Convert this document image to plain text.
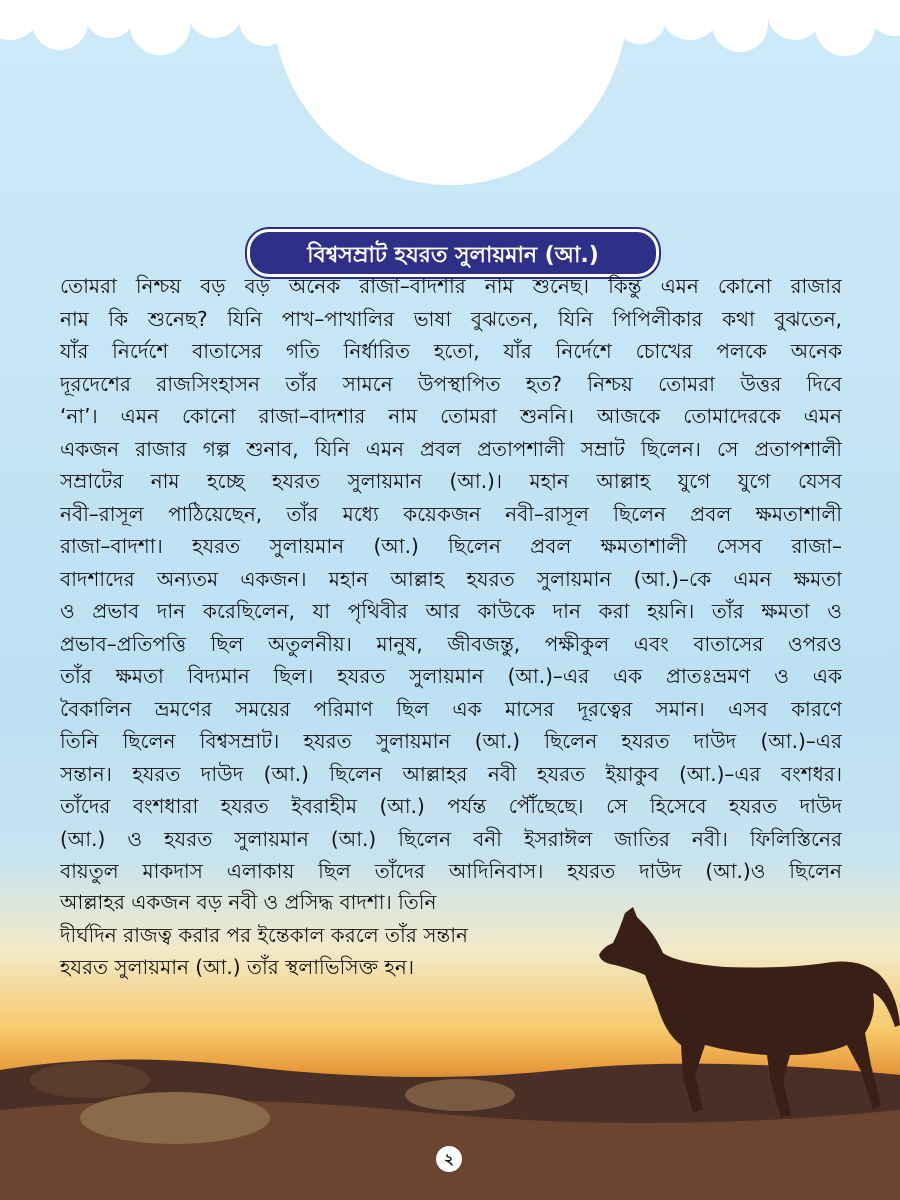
বিশ্বসম্রাট হযরত সুলায়মান (আ.)
তোমরা নিশ্চয় বড় বড় অনেক রাজা–বাদশার নাম শুনেছ। কিন্তু এমন কোনো রাজার
নাম কি শুনেছ? যিনি পাখ–পাখালির ভাষা বুঝতেন, যিনি পিপিলীকার কথা বুঝতেন,
যাঁর নির্দেশে বাতাসের গতি নির্ধারিত হতো, যাঁর নির্দেশে চোখের পলকে অনেক
দূরদেশের রাজসিংহাসন তাঁর সামনে উপস্থাপিত হত? নিশ্চয় তোমরা উত্তর দিবে
‘না’। এমন কোনো রাজা–বাদশার নাম তোমরা শুননি। আজকে তোমাদেরকে এমন
একজন রাজার গল্প শুনাব, যিনি এমন প্রবল প্রতাপশালী সম্রাট ছিলেন। সে প্রতাপশালী
সম্রাটের নাম হচ্ছে হযরত সুলায়মান (আ.)। মহান আল্লাহ যুগে যুগে যেসব
নবী–রাসূল পাঠিয়েছেন, তাঁর মধ্যে কয়েকজন নবী–রাসূল ছিলেন প্রবল ক্ষমতাশালী
রাজা–বাদশা। হযরত সুলায়মান (আ.) ছিলেন প্রবল ক্ষমতাশালী সেসব রাজা–
বাদশাদের অন্যতম একজন। মহান আল্লাহ হযরত সুলায়মান (আ.)–কে এমন ক্ষমতা
ও প্রভাব দান করেছিলেন, যা পৃথিবীর আর কাউকে দান করা হয়নি। তাঁর ক্ষমতা ও
প্রভাব–প্রতিপত্তি ছিল অতুলনীয়। মানুষ, জীবজন্তু, পক্ষীকুল এবং বাতাসের ওপরও
তাঁর ক্ষমতা বিদ্যমান ছিল। হযরত সুলায়মান (আ.)–এর এক প্রাতঃভ্রমণ ও এক
বৈকালিন ভ্রমণের সময়ের পরিমাণ ছিল এক মাসের দূরত্বের সমান। এসব কারণে
তিনি ছিলেন বিশ্বসম্রাট। হযরত সুলায়মান (আ.) ছিলেন হযরত দাউদ (আ.)–এর
সন্তান। হযরত দাউদ (আ.) ছিলেন আল্লাহর নবী হযরত ইয়াকুব (আ.)–এর বংশধর।
তাঁদের বংশধারা হযরত ইবরাহীম (আ.) পর্যন্ত পৌঁছেছে। সে হিসেবে হযরত দাউদ
(আ.) ও হযরত সুলায়মান (আ.) ছিলেন বনী ইসরাঈল জাতির নবী। ফিলিস্তিনের
বায়তুল মাকদাস এলাকায় ছিল তাঁদের আদিনিবাস। হযরত দাউদ (আ.)ও ছিলেন
আল্লাহর একজন বড় নবী ও প্রসিদ্ধ বাদশা। তিনি
দীর্ঘদিন রাজত্ব করার পর ইন্তেকাল করলে তাঁর সন্তান
হযরত সুলায়মান (আ.) তাঁর স্থলাভিসিক্ত হন।
২
